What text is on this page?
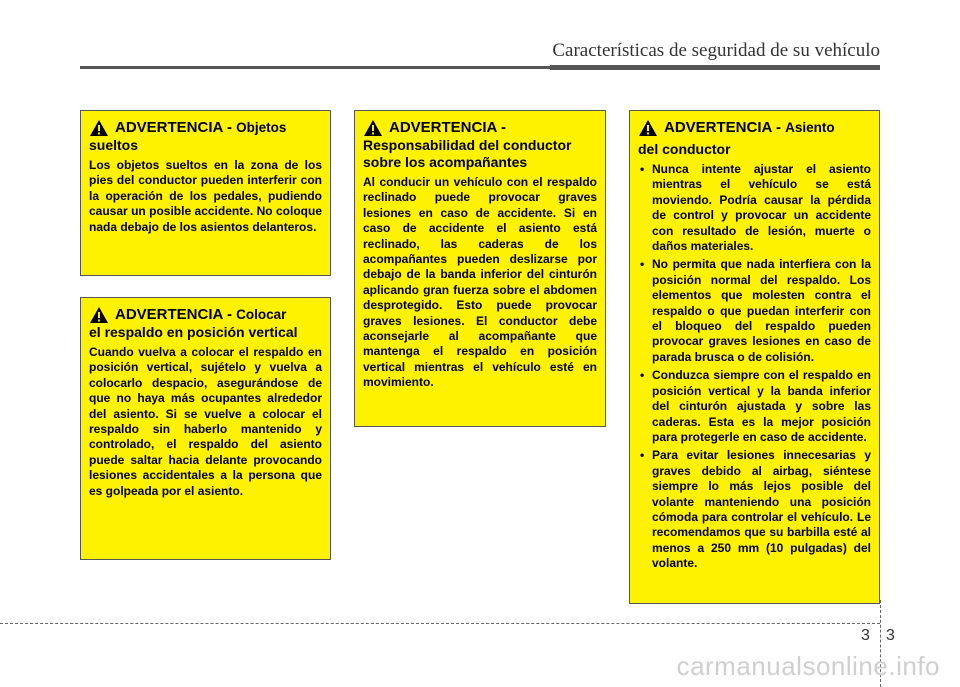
Características de seguridad de su vehículo
ADVERTENCIA - Objetos
sueltos

Los objetos sueltos en la zona de los pies del conductor pueden interferir con la operación de los pedales, pudiendo causar un posible accidente. No coloque nada debajo de los asientos delanteros.

ADVERTENCIA - Colocar
el respaldo en posición vertical

Cuando vuelva a colocar el respaldo en posición vertical, sujételo y vuelva a colocarlo despacio, asegurándose de que no haya más ocupantes alrededor del asiento. Si se vuelve a colocar el respaldo sin haberlo mantenido y controlado, el respaldo del asiento puede saltar hacia delante provocando lesiones accidentales a la persona que es golpeada por el asiento.

ADVERTENCIA -
Responsabilidad del conductor sobre los acompañantes

Al conducir un vehículo con el respaldo reclinado puede provocar graves lesiones en caso de accidente. Si en caso de accidente el asiento está reclinado, las caderas de los acompañantes pueden deslizarse por debajo de la banda inferior del cinturón aplicando gran fuerza sobre el abdomen desprotegido. Esto puede provocar graves lesiones. El conductor debe aconsejarle al acompañante que mantenga el respaldo en posición vertical mientras el vehículo esté en movimiento.

ADVERTENCIA - Asiento
del conductor
• Nunca intente ajustar el asiento mientras el vehículo se está moviendo. Podría causar la pérdida de control y provocar un accidente con resultado de lesión, muerte o daños materiales.
• No permita que nada interfiera con la posición normal del respaldo. Los elementos que molesten contra el respaldo o que puedan interferir con el bloqueo del respaldo pueden provocar graves lesiones en caso de parada brusca o de colisión.
• Conduzca siempre con el respaldo en posición vertical y la banda inferior del cinturón ajustada y sobre las caderas. Esta es la mejor posición para protegerle en caso de accidente.
• Para evitar lesiones innecesarias y graves debido al airbag, siéntese siempre lo más lejos posible del volante manteniendo una posición cómoda para controlar el vehículo. Le recomendamos que su barbilla esté al menos a 250 mm (10 pulgadas) del volante.
3 3
carmanualsonline.info
